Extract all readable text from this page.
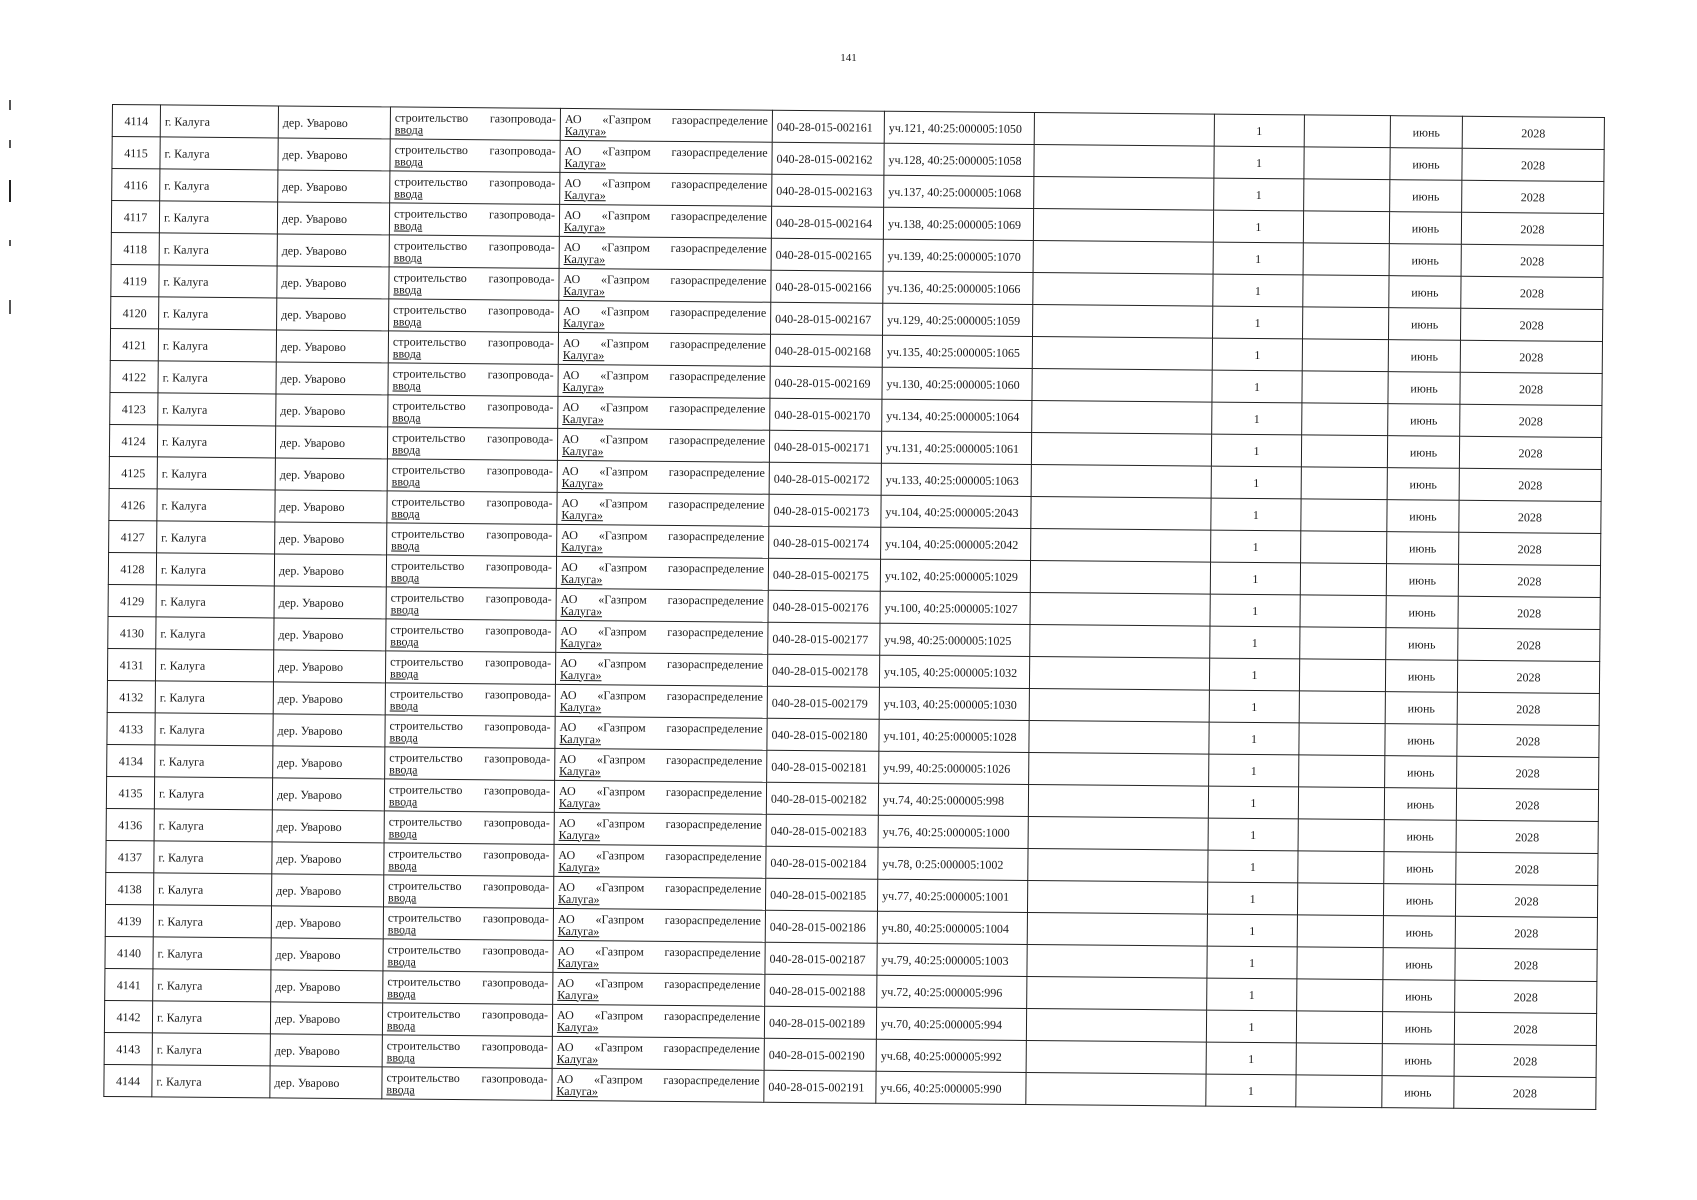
141
4114	г. Калуга	дер. Уварово	строительство газопровода-
ввода	АО «Газпром газораспределение
Калуга»	040-28-015-002161	уч.121, 40:25:000005:1050		1		июнь	2028
4115	г. Калуга	дер. Уварово	строительство газопровода-
ввода	АО «Газпром газораспределение
Калуга»	040-28-015-002162	уч.128, 40:25:000005:1058		1		июнь	2028
4116	г. Калуга	дер. Уварово	строительство газопровода-
ввода	АО «Газпром газораспределение
Калуга»	040-28-015-002163	уч.137, 40:25:000005:1068		1		июнь	2028
4117	г. Калуга	дер. Уварово	строительство газопровода-
ввода	АО «Газпром газораспределение
Калуга»	040-28-015-002164	уч.138, 40:25:000005:1069		1		июнь	2028
4118	г. Калуга	дер. Уварово	строительство газопровода-
ввода	АО «Газпром газораспределение
Калуга»	040-28-015-002165	уч.139, 40:25:000005:1070		1		июнь	2028
4119	г. Калуга	дер. Уварово	строительство газопровода-
ввода	АО «Газпром газораспределение
Калуга»	040-28-015-002166	уч.136, 40:25:000005:1066		1		июнь	2028
4120	г. Калуга	дер. Уварово	строительство газопровода-
ввода	АО «Газпром газораспределение
Калуга»	040-28-015-002167	уч.129, 40:25:000005:1059		1		июнь	2028
4121	г. Калуга	дер. Уварово	строительство газопровода-
ввода	АО «Газпром газораспределение
Калуга»	040-28-015-002168	уч.135, 40:25:000005:1065		1		июнь	2028
4122	г. Калуга	дер. Уварово	строительство газопровода-
ввода	АО «Газпром газораспределение
Калуга»	040-28-015-002169	уч.130, 40:25:000005:1060		1		июнь	2028
4123	г. Калуга	дер. Уварово	строительство газопровода-
ввода	АО «Газпром газораспределение
Калуга»	040-28-015-002170	уч.134, 40:25:000005:1064		1		июнь	2028
4124	г. Калуга	дер. Уварово	строительство газопровода-
ввода	АО «Газпром газораспределение
Калуга»	040-28-015-002171	уч.131, 40:25:000005:1061		1		июнь	2028
4125	г. Калуга	дер. Уварово	строительство газопровода-
ввода	АО «Газпром газораспределение
Калуга»	040-28-015-002172	уч.133, 40:25:000005:1063		1		июнь	2028
4126	г. Калуга	дер. Уварово	строительство газопровода-
ввода	АО «Газпром газораспределение
Калуга»	040-28-015-002173	уч.104, 40:25:000005:2043		1		июнь	2028
4127	г. Калуга	дер. Уварово	строительство газопровода-
ввода	АО «Газпром газораспределение
Калуга»	040-28-015-002174	уч.104, 40:25:000005:2042		1		июнь	2028
4128	г. Калуга	дер. Уварово	строительство газопровода-
ввода	АО «Газпром газораспределение
Калуга»	040-28-015-002175	уч.102, 40:25:000005:1029		1		июнь	2028
4129	г. Калуга	дер. Уварово	строительство газопровода-
ввода	АО «Газпром газораспределение
Калуга»	040-28-015-002176	уч.100, 40:25:000005:1027		1		июнь	2028
4130	г. Калуга	дер. Уварово	строительство газопровода-
ввода	АО «Газпром газораспределение
Калуга»	040-28-015-002177	уч.98, 40:25:000005:1025		1		июнь	2028
4131	г. Калуга	дер. Уварово	строительство газопровода-
ввода	АО «Газпром газораспределение
Калуга»	040-28-015-002178	уч.105, 40:25:000005:1032		1		июнь	2028
4132	г. Калуга	дер. Уварово	строительство газопровода-
ввода	АО «Газпром газораспределение
Калуга»	040-28-015-002179	уч.103, 40:25:000005:1030		1		июнь	2028
4133	г. Калуга	дер. Уварово	строительство газопровода-
ввода	АО «Газпром газораспределение
Калуга»	040-28-015-002180	уч.101, 40:25:000005:1028		1		июнь	2028
4134	г. Калуга	дер. Уварово	строительство газопровода-
ввода	АО «Газпром газораспределение
Калуга»	040-28-015-002181	уч.99, 40:25:000005:1026		1		июнь	2028
4135	г. Калуга	дер. Уварово	строительство газопровода-
ввода	АО «Газпром газораспределение
Калуга»	040-28-015-002182	уч.74, 40:25:000005:998		1		июнь	2028
4136	г. Калуга	дер. Уварово	строительство газопровода-
ввода	АО «Газпром газораспределение
Калуга»	040-28-015-002183	уч.76, 40:25:000005:1000		1		июнь	2028
4137	г. Калуга	дер. Уварово	строительство газопровода-
ввода	АО «Газпром газораспределение
Калуга»	040-28-015-002184	уч.78, 0:25:000005:1002		1		июнь	2028
4138	г. Калуга	дер. Уварово	строительство газопровода-
ввода	АО «Газпром газораспределение
Калуга»	040-28-015-002185	уч.77, 40:25:000005:1001		1		июнь	2028
4139	г. Калуга	дер. Уварово	строительство газопровода-
ввода	АО «Газпром газораспределение
Калуга»	040-28-015-002186	уч.80, 40:25:000005:1004		1		июнь	2028
4140	г. Калуга	дер. Уварово	строительство газопровода-
ввода	АО «Газпром газораспределение
Калуга»	040-28-015-002187	уч.79, 40:25:000005:1003		1		июнь	2028
4141	г. Калуга	дер. Уварово	строительство газопровода-
ввода	АО «Газпром газораспределение
Калуга»	040-28-015-002188	уч.72, 40:25:000005:996		1		июнь	2028
4142	г. Калуга	дер. Уварово	строительство газопровода-
ввода	АО «Газпром газораспределение
Калуга»	040-28-015-002189	уч.70, 40:25:000005:994		1		июнь	2028
4143	г. Калуга	дер. Уварово	строительство газопровода-
ввода	АО «Газпром газораспределение
Калуга»	040-28-015-002190	уч.68, 40:25:000005:992		1		июнь	2028
4144	г. Калуга	дер. Уварово	строительство газопровода-
ввода	АО «Газпром газораспределение
Калуга»	040-28-015-002191	уч.66, 40:25:000005:990		1		июнь	2028
